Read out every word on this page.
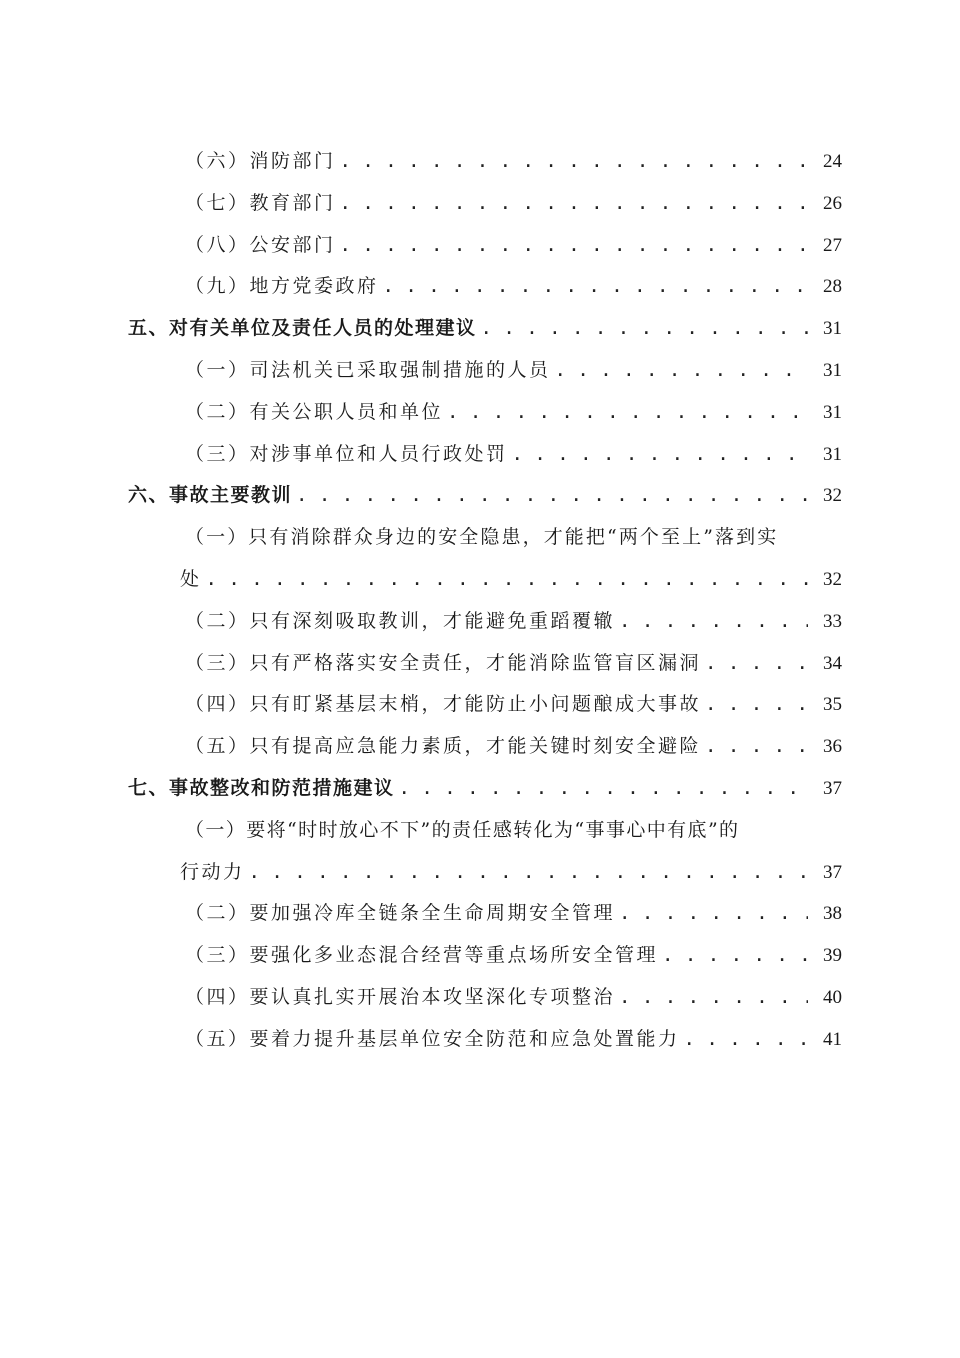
（六）消防部门 . . .	24
（七）教育部门 . . .	26
（八）公安部门 . . .	27
（九）地方党委政府 . . .	28
五、对有关单位及责任人员的处理建议 . . .	31
（一）司法机关已采取强制措施的人员 . . .	31
（二）有关公职人员和单位 . . .	31
（三）对涉事单位和人员行政处罚 . . .	31
六、事故主要教训 . . .	32
（一）只有消除群众身边的安全隐患，才能把“两个至上”落到实
处 . . .	32
（二）只有深刻吸取教训，才能避免重蹈覆辙 . . .	33
（三）只有严格落实安全责任，才能消除监管盲区漏洞 . . .	34
（四）只有盯紧基层末梢，才能防止小问题酿成大事故 . . .	35
（五）只有提高应急能力素质，才能关键时刻安全避险 . . .	36
七、事故整改和防范措施建议 . . .	37
（一）要将“时时放心不下”的责任感转化为“事事心中有底”的
行动力 . . .	37
（二）要加强冷库全链条全生命周期安全管理 . . .	38
（三）要强化多业态混合经营等重点场所安全管理 . . .	39
（四）要认真扎实开展治本攻坚深化专项整治 . . .	40
（五）要着力提升基层单位安全防范和应急处置能力 . . .	41
